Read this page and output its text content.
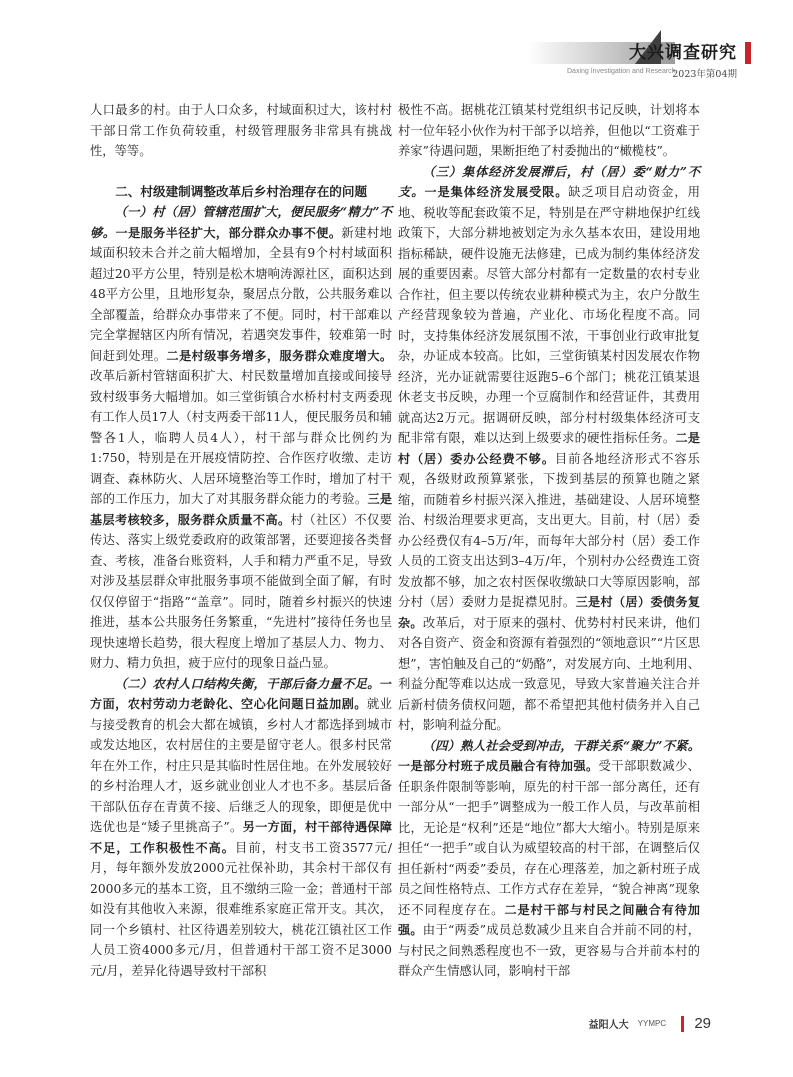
大兴调查研究
Daxing Investigation and Research
2023年第04期

人口最多的村。由于人口众多，村域面积过大，该村村干部日常工作负荷较重，村级管理服务非常具有挑战性，等等。

二、村级建制调整改革后乡村治理存在的问题

（一）村（居）管辖范围扩大，便民服务“精力”不够。一是服务半径扩大，部分群众办事不便。新建村地域面积较未合并之前大幅增加，全县有9个村村域面积超过20平方公里，特别是松木塘响涛源社区，面积达到48平方公里，且地形复杂，聚居点分散，公共服务难以全部覆盖，给群众办事带来了不便。同时，村干部难以完全掌握辖区内所有情况，若遇突发事件，较难第一时间赶到处理。二是村级事务增多，服务群众难度增大。改革后新村管辖面积扩大、村民数量增加直接或间接导致村级事务大幅增加。如三堂街镇合水桥村村支两委现有工作人员17人（村支两委干部11人，便民服务员和辅警各1人，临聘人员4人），村干部与群众比例约为1:750，特别是在开展疫情防控、合作医疗收缴、走访调查、森林防火、人居环境整治等工作时，增加了村干部的工作压力，加大了对其服务群众能力的考验。三是基层考核较多，服务群众质量不高。村（社区）不仅要传达、落实上级党委政府的政策部署，还要迎接各类督查、考核，准备台账资料，人手和精力严重不足，导致对涉及基层群众审批服务事项不能做到全面了解，有时仅仅停留于“指路”“盖章”。同时，随着乡村振兴的快速推进，基本公共服务任务繁重，“先进村”接待任务也呈现快速增长趋势，很大程度上增加了基层人力、物力、财力、精力负担，疲于应付的现象日益凸显。

（二）农村人口结构失衡，干部后备力量不足。一方面，农村劳动力老龄化、空心化问题日益加剧。就业与接受教育的机会大都在城镇，乡村人才都选择到城市或发达地区，农村居住的主要是留守老人。很多村民常年在外工作，村庄只是其临时性居住地。在外发展较好的乡村治理人才，返乡就业创业人才也不多。基层后备干部队伍存在青黄不接、后继乏人的现象，即便是优中选优也是“矮子里挑高子”。另一方面，村干部待遇保障不足，工作积极性不高。目前，村支书工资3577元/月，每年额外发放2000元社保补助，其余村干部仅有2000多元的基本工资，且不缴纳三险一金；普通村干部如没有其他收入来源，很难维系家庭正常开支。其次，同一个乡镇村、社区待遇差别较大，桃花江镇社区工作人员工资4000多元/月，但普通村干部工资不足3000元/月，差异化待遇导致村干部积

极性不高。据桃花江镇某村党组织书记反映，计划将本村一位年轻小伙作为村干部予以培养，但他以“工资难于养家”待遇问题，果断拒绝了村委抛出的“橄榄枝”。

（三）集体经济发展滞后，村（居）委“财力”不支。一是集体经济发展受限。缺乏项目启动资金，用地、税收等配套政策不足，特别是在严守耕地保护红线政策下，大部分耕地被划定为永久基本农田，建设用地指标稀缺，硬件设施无法修建，已成为制约集体经济发展的重要因素。尽管大部分村都有一定数量的农村专业合作社，但主要以传统农业耕种模式为主，农户分散生产经营现象较为普遍，产业化、市场化程度不高。同时，支持集体经济发展氛围不浓，干事创业行政审批复杂，办证成本较高。比如，三堂街镇某村因发展农作物经济，光办证就需要往返跑5–6个部门；桃花江镇某退休老支书反映，办理一个豆腐制作和经营证件，其费用就高达2万元。据调研反映，部分村村级集体经济可支配非常有限，难以达到上级要求的硬性指标任务。二是村（居）委办公经费不够。目前各地经济形式不容乐观，各级财政预算紧张，下拨到基层的预算也随之紧缩，而随着乡村振兴深入推进，基础建设、人居环境整治、村级治理要求更高，支出更大。目前，村（居）委办公经费仅有4–5万/年，而每年大部分村（居）委工作人员的工资支出达到3–4万/年，个别村办公经费连工资发放都不够，加之农村医保收缴缺口大等原因影响，部分村（居）委财力是捉襟见肘。三是村（居）委债务复杂。改革后，对于原来的强村、优势村村民来讲，他们对各自资产、资金和资源有着强烈的“领地意识”“片区思想”，害怕触及自己的“奶酪”，对发展方向、土地利用、利益分配等难以达成一致意见，导致大家普遍关注合并后新村债务债权问题，都不希望把其他村债务并入自己村，影响利益分配。

（四）熟人社会受到冲击，干群关系“聚力”不紧。一是部分村班子成员融合有待加强。受干部职数减少、任职条件限制等影响，原先的村干部一部分离任，还有一部分从“一把手”调整成为一般工作人员，与改革前相比，无论是“权利”还是“地位”都大大缩小。特别是原来担任“一把手”或自认为威望较高的村干部，在调整后仅担任新村“两委”委员，存在心理落差，加之新村班子成员之间性格特点、工作方式存在差异，“貌合神离”现象还不同程度存在。二是村干部与村民之间融合有待加强。由于“两委”成员总数减少且来自合并前不同的村，与村民之间熟悉程度也不一致，更容易与合并前本村的群众产生情感认同，影响村干部

益阳人大 YYMPC 29
